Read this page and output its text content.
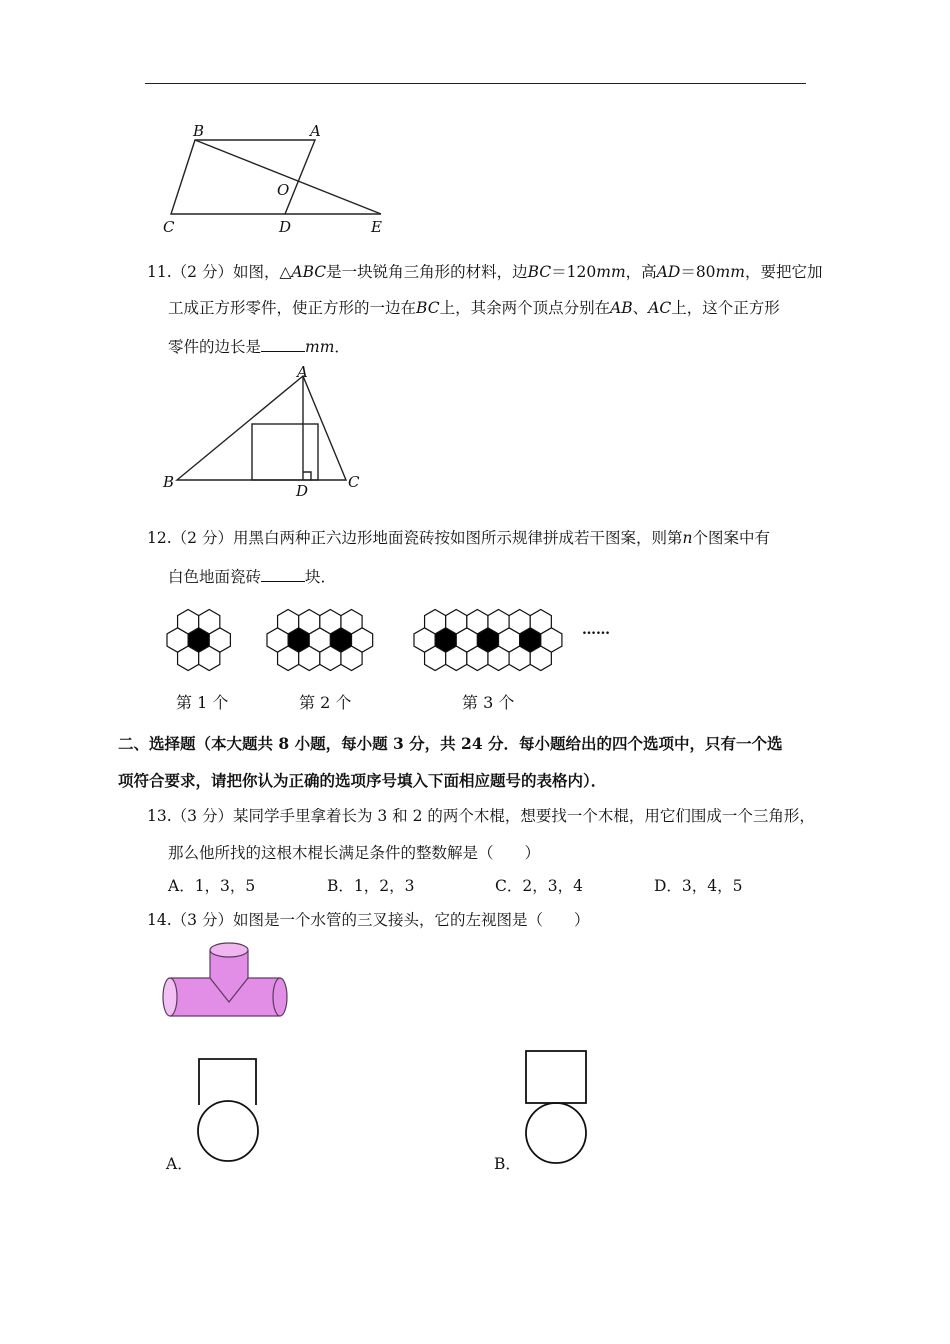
B	A
C
O
D	E
11.（2 分）如图，△ABC是一块锐角三角形的材料，边BC＝120mm，高AD＝80mm，要把它加
工成正方形零件，使正方形的一边在BC上，其余两个顶点分别在AB、AC上，这个正方形
零件的边长是	mm．
A
B	D	C
12.（2 分）用黑白两种正六边形地面瓷砖按如图所示规律拼成若干图案，则第n个图案中有
白色地面瓷砖	块．
第 1 个	第 2 个	第 3 个
……
二、选择题（本大题共 8 小题，每小题 3 分，共 24 分．每小题给出的四个选项中，只有一个选
项符合要求，请把你认为正确的选项序号填入下面相应题号的表格内）．
13.（3 分）某同学手里拿着长为 3 和 2 的两个木棍，想要找一个木棍，用它们围成一个三角形，
那么他所找的这根木棍长满足条件的整数解是（　　）
A．1，3，5	B．1，2，3	C．2，3，4	D．3，4，5
14.（3 分）如图是一个水管的三叉接头，它的左视图是（　　）
A．	B．
